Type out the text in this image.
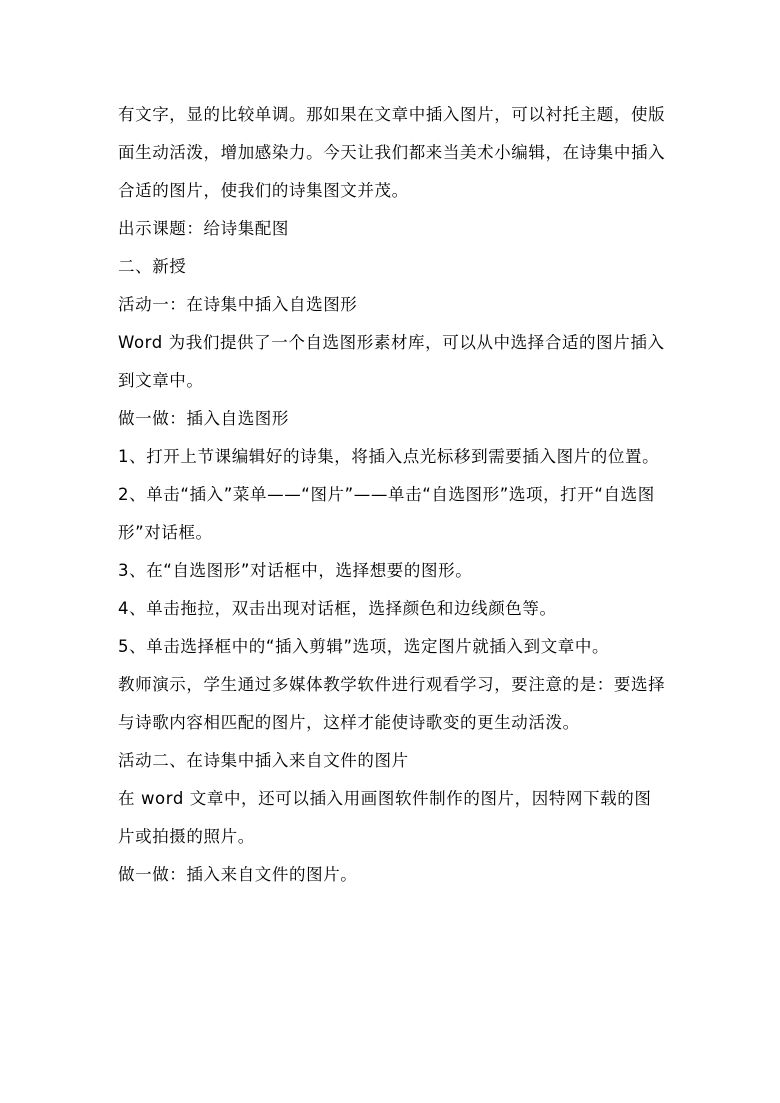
有文字，显的比较单调。那如果在文章中插入图片，可以衬托主题，使版面生动活泼，增加感染力。今天让我们都来当美术小编辑，在诗集中插入合适的图片，使我们的诗集图文并茂。

出示课题：给诗集配图

二、新授

活动一：在诗集中插入自选图形

Word 为我们提供了一个自选图形素材库，可以从中选择合适的图片插入到文章中。

做一做：插入自选图形

1、打开上节课编辑好的诗集，将插入点光标移到需要插入图片的位置。

2、单击“插入”菜单——“图片”——单击“自选图形”选项，打开“自选图形”对话框。

3、在“自选图形”对话框中，选择想要的图形。

4、单击拖拉，双击出现对话框，选择颜色和边线颜色等。

5、单击选择框中的“插入剪辑”选项，选定图片就插入到文章中。

教师演示，学生通过多媒体教学软件进行观看学习，要注意的是：要选择与诗歌内容相匹配的图片，这样才能使诗歌变的更生动活泼。

活动二、在诗集中插入来自文件的图片

在 word 文章中，还可以插入用画图软件制作的图片，因特网下载的图片或拍摄的照片。

做一做：插入来自文件的图片。
